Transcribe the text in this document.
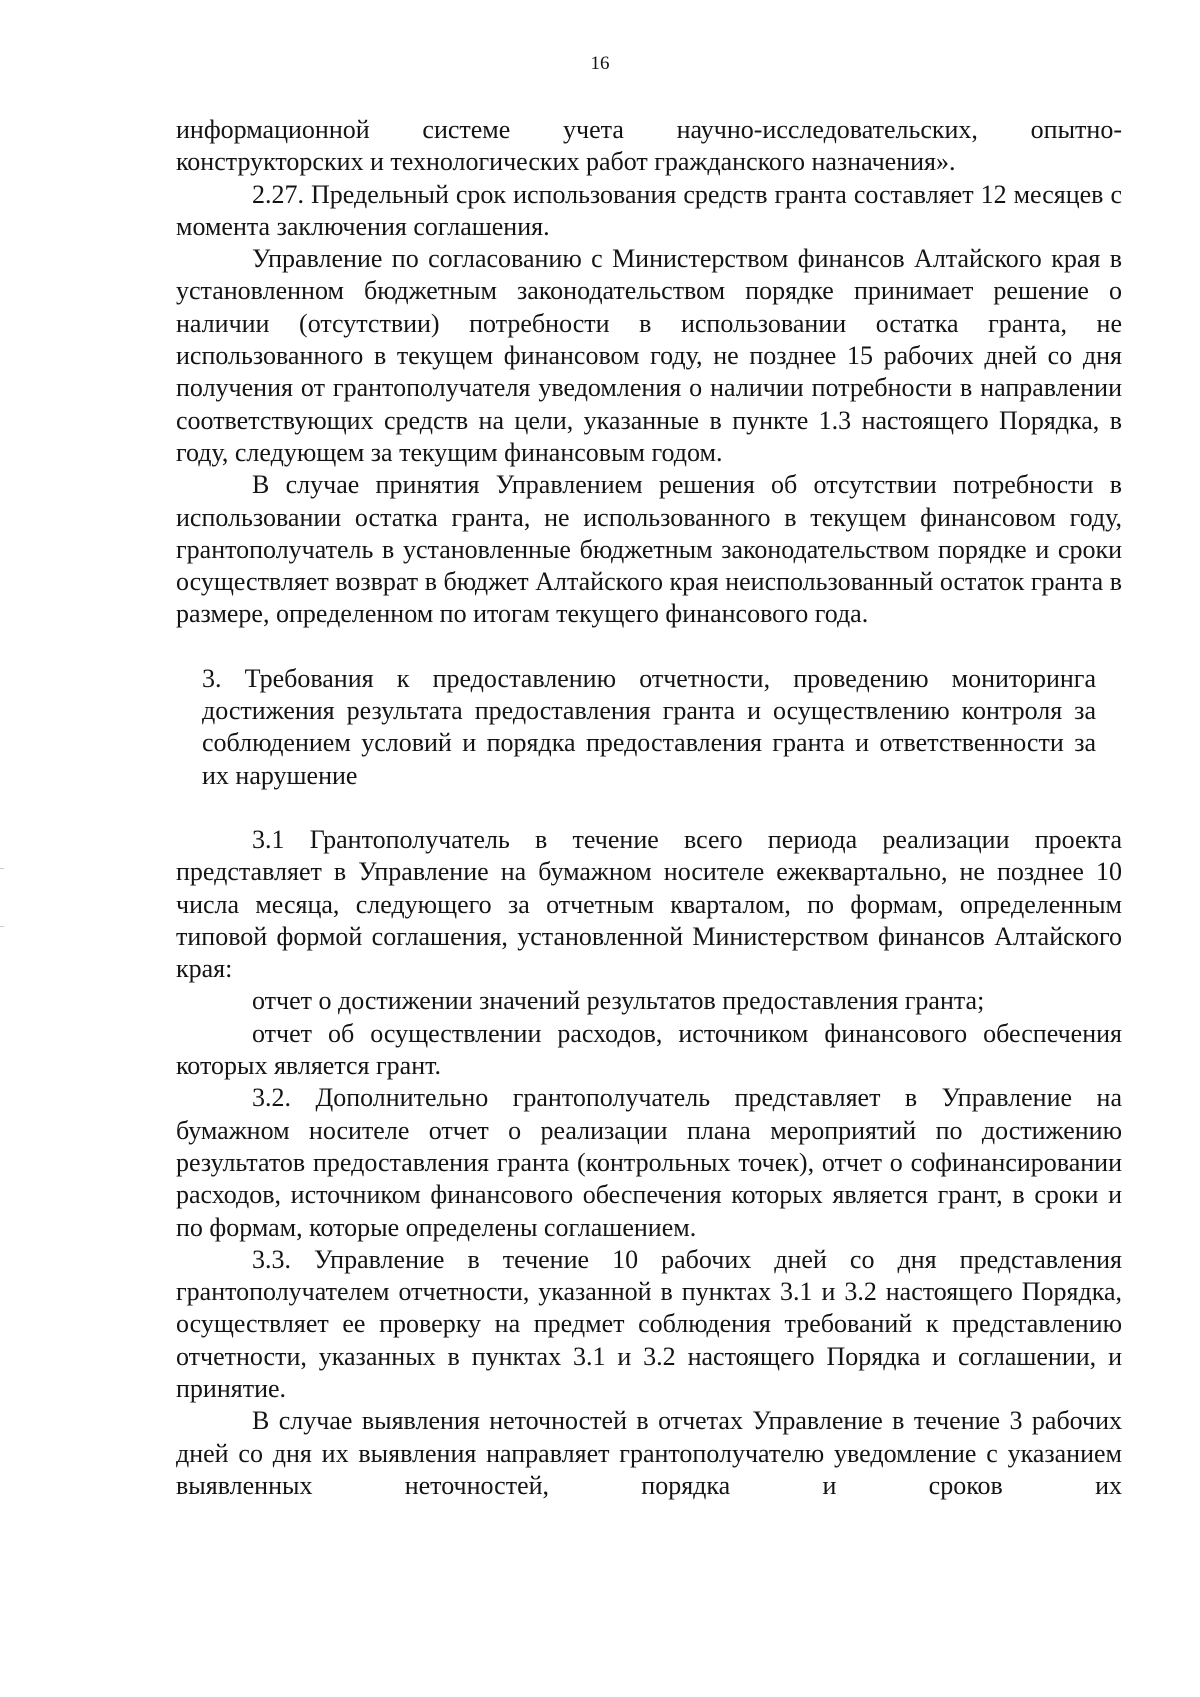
16

информационной системе учета научно-исследовательских, опытно-конструкторских и технологических работ гражданского назначения».

2.27. Предельный срок использования средств гранта составляет 12 месяцев с момента заключения соглашения.

Управление по согласованию с Министерством финансов Алтайского края в установленном бюджетным законодательством порядке принимает решение о наличии (отсутствии) потребности в использовании остатка гранта, не использованного в текущем финансовом году, не позднее 15 рабочих дней со дня получения от грантополучателя уведомления о наличии потребности в направлении соответствующих средств на цели, указанные в пункте 1.3 настоящего Порядка, в году, следующем за текущим финансовым годом.

В случае принятия Управлением решения об отсутствии потребности в использовании остатка гранта, не использованного в текущем финансовом году, грантополучатель в установленные бюджетным законодательством порядке и сроки осуществляет возврат в бюджет Алтайского края неиспользованный остаток гранта в размере, определенном по итогам текущего финансового года.

3. Требования к предоставлению отчетности, проведению мониторинга достижения результата предоставления гранта и осуществлению контроля за соблюдением условий и порядка предоставления гранта и ответственности за их нарушение

3.1 Грантополучатель в течение всего периода реализации проекта представляет в Управление на бумажном носителе ежеквартально, не позднее 10 числа месяца, следующего за отчетным кварталом, по формам, определенным типовой формой соглашения, установленной Министерством финансов Алтайского края:

отчет о достижении значений результатов предоставления гранта;

отчет об осуществлении расходов, источником финансового обеспечения которых является грант.

3.2. Дополнительно грантополучатель представляет в Управление на бумажном носителе отчет о реализации плана мероприятий по достижению результатов предоставления гранта (контрольных точек), отчет о софинансировании расходов, источником финансового обеспечения которых является грант, в сроки и по формам, которые определены соглашением.

3.3. Управление в течение 10 рабочих дней со дня представления грантополучателем отчетности, указанной в пунктах 3.1 и 3.2 настоящего Порядка, осуществляет ее проверку на предмет соблюдения требований к представлению отчетности, указанных в пунктах 3.1 и 3.2 настоящего Порядка и соглашении, и принятие.

В случае выявления неточностей в отчетах Управление в течение 3 рабочих дней со дня их выявления направляет грантополучателю уведомление с указанием выявленных неточностей, порядка и сроков их
